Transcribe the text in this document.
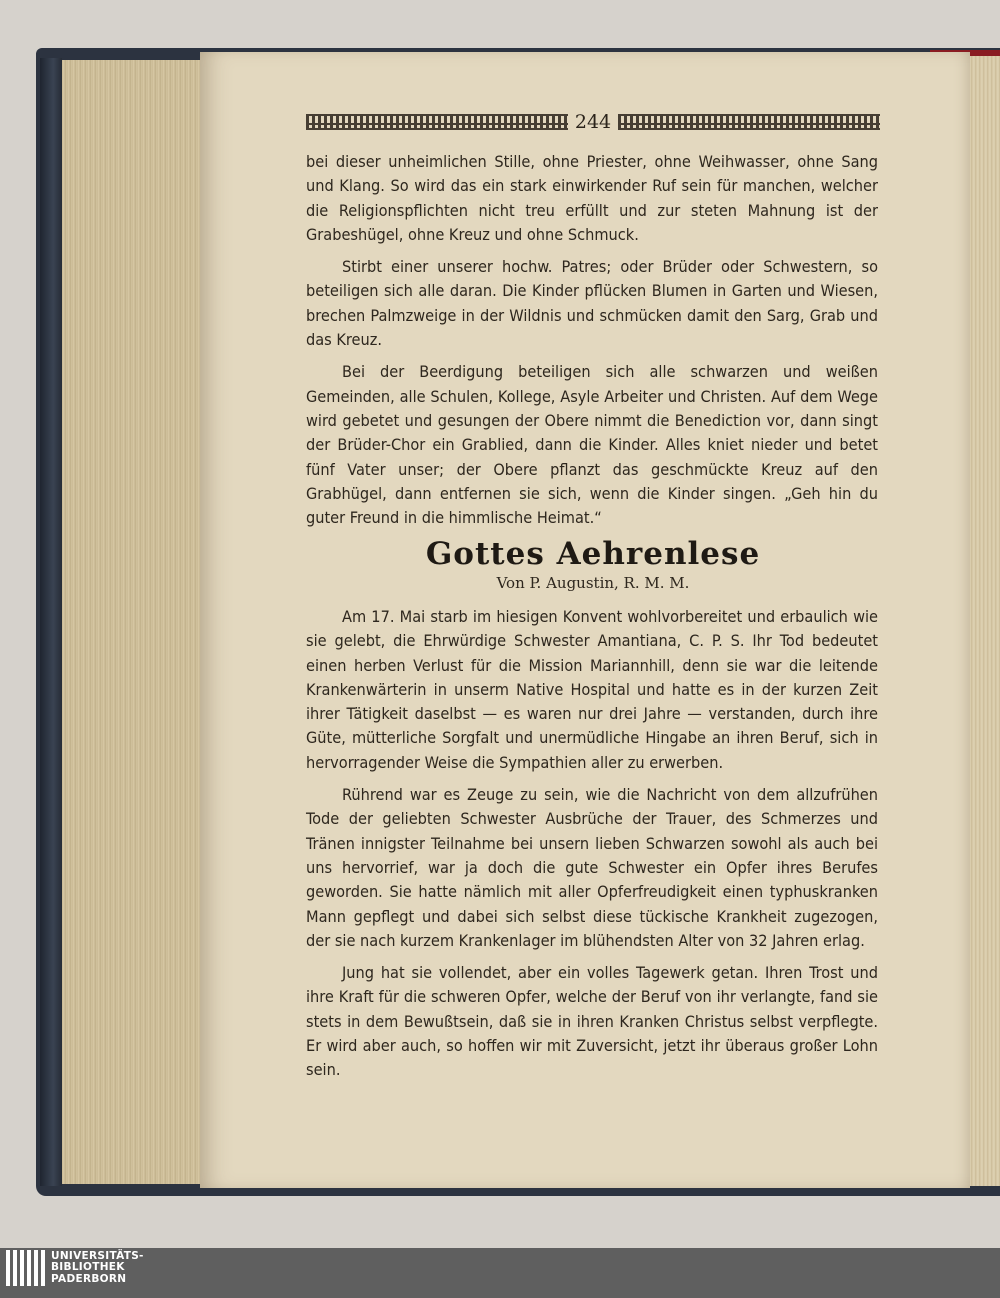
244

bei dieser unheimlichen Stille, ohne Priester, ohne Weihwasser, ohne Sang und Klang. So wird das ein stark einwirkender Ruf sein für manchen, welcher die Religionspflichten nicht treu erfüllt und zur steten Mahnung ist der Grabeshügel, ohne Kreuz und ohne Schmuck.

Stirbt einer unserer hochw. Patres; oder Brüder oder Schwestern, so beteiligen sich alle daran. Die Kinder pflücken Blumen in Garten und Wiesen, brechen Palmzweige in der Wildnis und schmücken damit den Sarg, Grab und das Kreuz.

Bei der Beerdigung beteiligen sich alle schwarzen und weißen Gemeinden, alle Schulen, Kollege, Asyle Arbeiter und Christen. Auf dem Wege wird gebetet und gesungen der Obere nimmt die Benediction vor, dann singt der Brüder-Chor ein Grablied, dann die Kinder. Alles kniet nieder und betet fünf Vater unser; der Obere pflanzt das geschmückte Kreuz auf den Grabhügel, dann entfernen sie sich, wenn die Kinder singen. „Geh hin du guter Freund in die himmlische Heimat.“

Gottes Aehrenlese
Von P. Augustin, R. M. M.

Am 17. Mai starb im hiesigen Konvent wohlvorbereitet und erbaulich wie sie gelebt, die Ehrwürdige Schwester Amantiana, C. P. S. Ihr Tod bedeutet einen herben Verlust für die Mission Mariannhill, denn sie war die leitende Krankenwärterin in unserm Native Hospital und hatte es in der kurzen Zeit ihrer Tätigkeit daselbst — es waren nur drei Jahre — verstanden, durch ihre Güte, mütterliche Sorgfalt und unermüdliche Hingabe an ihren Beruf, sich in hervorragender Weise die Sympathien aller zu erwerben.

Rührend war es Zeuge zu sein, wie die Nachricht von dem allzufrühen Tode der geliebten Schwester Ausbrüche der Trauer, des Schmerzes und Tränen innigster Teilnahme bei unsern lieben Schwarzen sowohl als auch bei uns hervorrief, war ja doch die gute Schwester ein Opfer ihres Berufes geworden. Sie hatte nämlich mit aller Opferfreudigkeit einen typhuskranken Mann gepflegt und dabei sich selbst diese tückische Krankheit zugezogen, der sie nach kurzem Krankenlager im blühendsten Alter von 32 Jahren erlag.

Jung hat sie vollendet, aber ein volles Tagewerk getan. Ihren Trost und ihre Kraft für die schweren Opfer, welche der Beruf von ihr verlangte, fand sie stets in dem Bewußtsein, daß sie in ihren Kranken Christus selbst verpflegte. Er wird aber auch, so hoffen wir mit Zuversicht, jetzt ihr überaus großer Lohn sein.

UNIVERSITÄTS-
BIBLIOTHEK
PADERBORN
